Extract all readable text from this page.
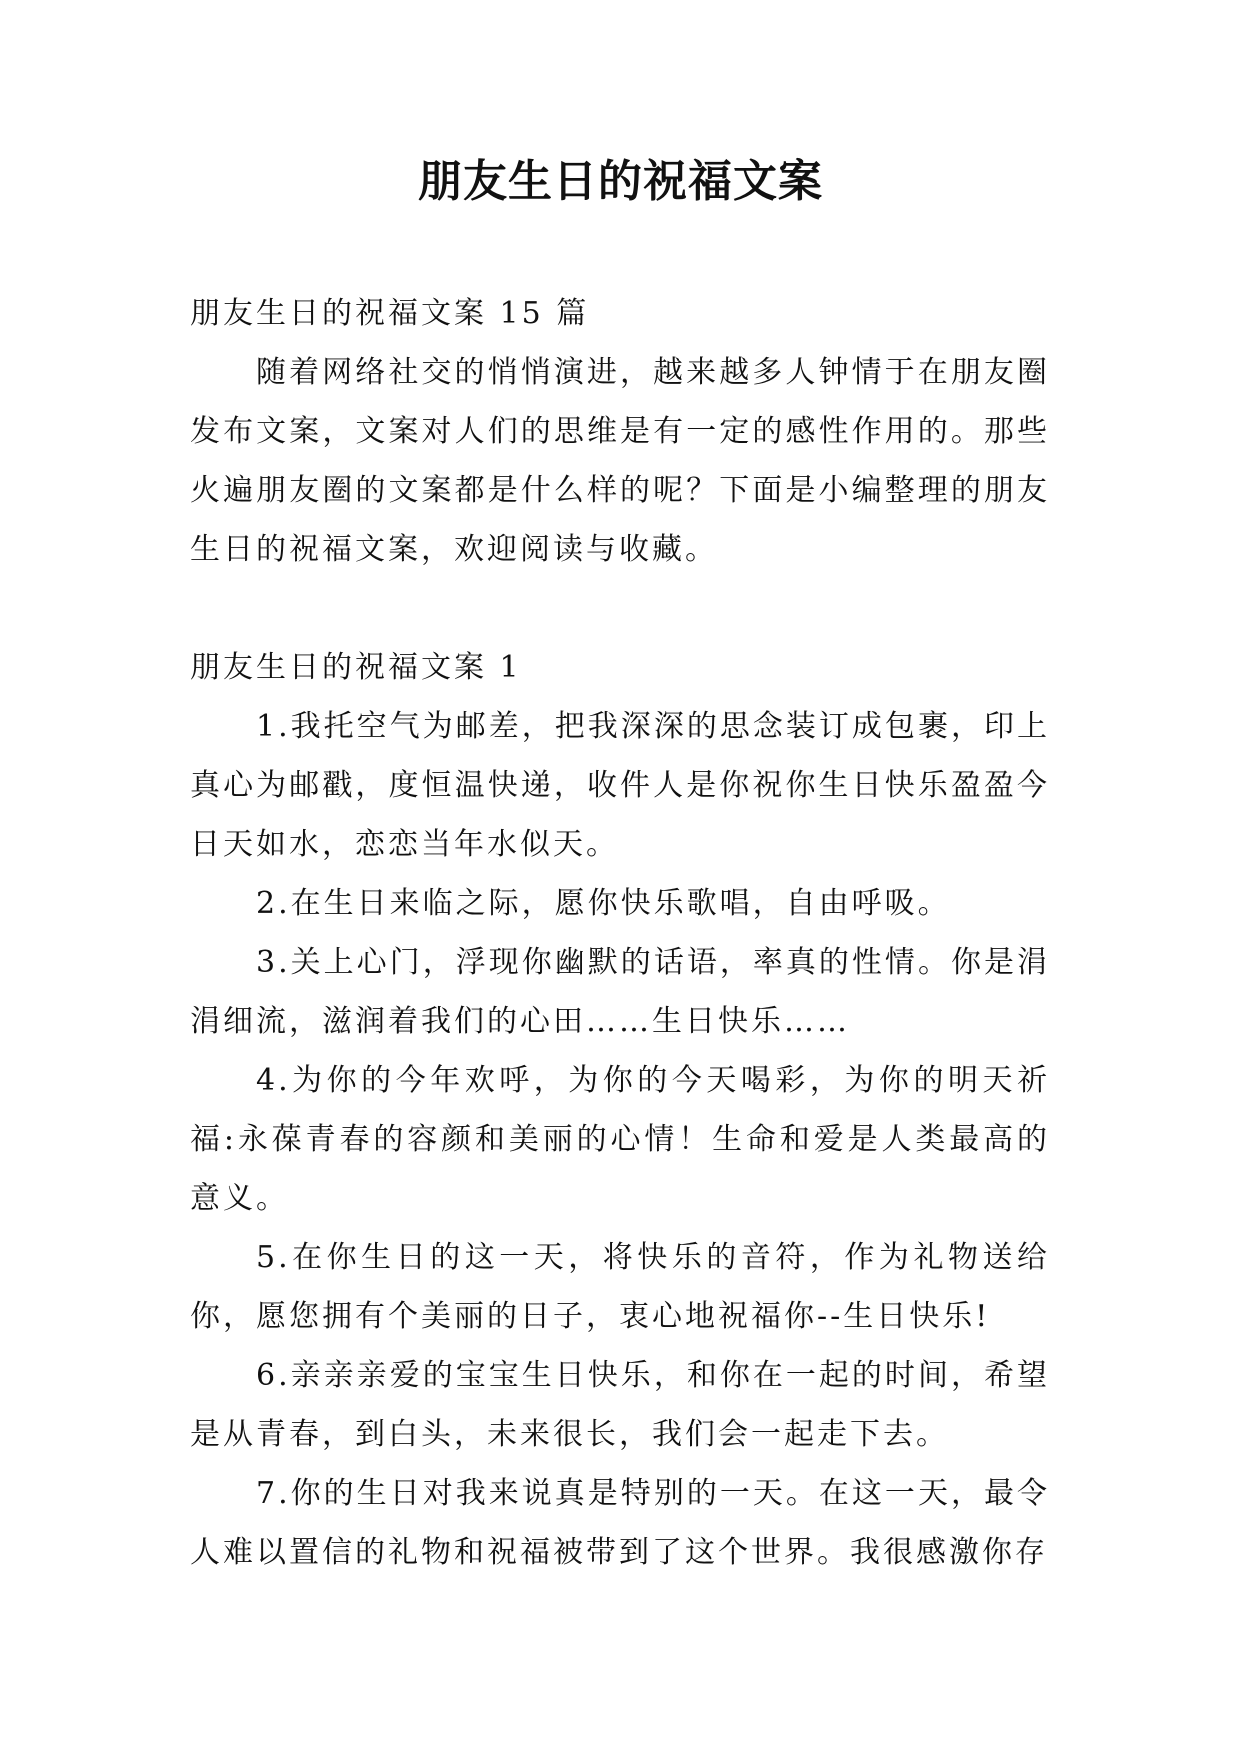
朋友生日的祝福文案

朋友生日的祝福文案 15 篇

随着网络社交的悄悄演进，越来越多人钟情于在朋友圈发布文案，文案对人们的思维是有一定的感性作用的。那些火遍朋友圈的文案都是什么样的呢？下面是小编整理的朋友生日的祝福文案，欢迎阅读与收藏。

朋友生日的祝福文案 1

1.我托空气为邮差，把我深深的思念装订成包裹，印上真心为邮戳，度恒温快递，收件人是你祝你生日快乐盈盈今日天如水，恋恋当年水似天。

2.在生日来临之际，愿你快乐歌唱，自由呼吸。

3.关上心门，浮现你幽默的话语，率真的性情。你是涓涓细流，滋润着我们的心田……生日快乐……

4.为你的今年欢呼，为你的今天喝彩，为你的明天祈福:永葆青春的容颜和美丽的心情！生命和爱是人类最高的意义。

5.在你生日的这一天，将快乐的音符，作为礼物送给你，愿您拥有个美丽的日子，衷心地祝福你--生日快乐!

6.亲亲亲爱的宝宝生日快乐，和你在一起的时间，希望是从青春，到白头，未来很长，我们会一起走下去。

7.你的生日对我来说真是特别的一天。在这一天，最令人难以置信的礼物和祝福被带到了这个世界。我很感激你存
